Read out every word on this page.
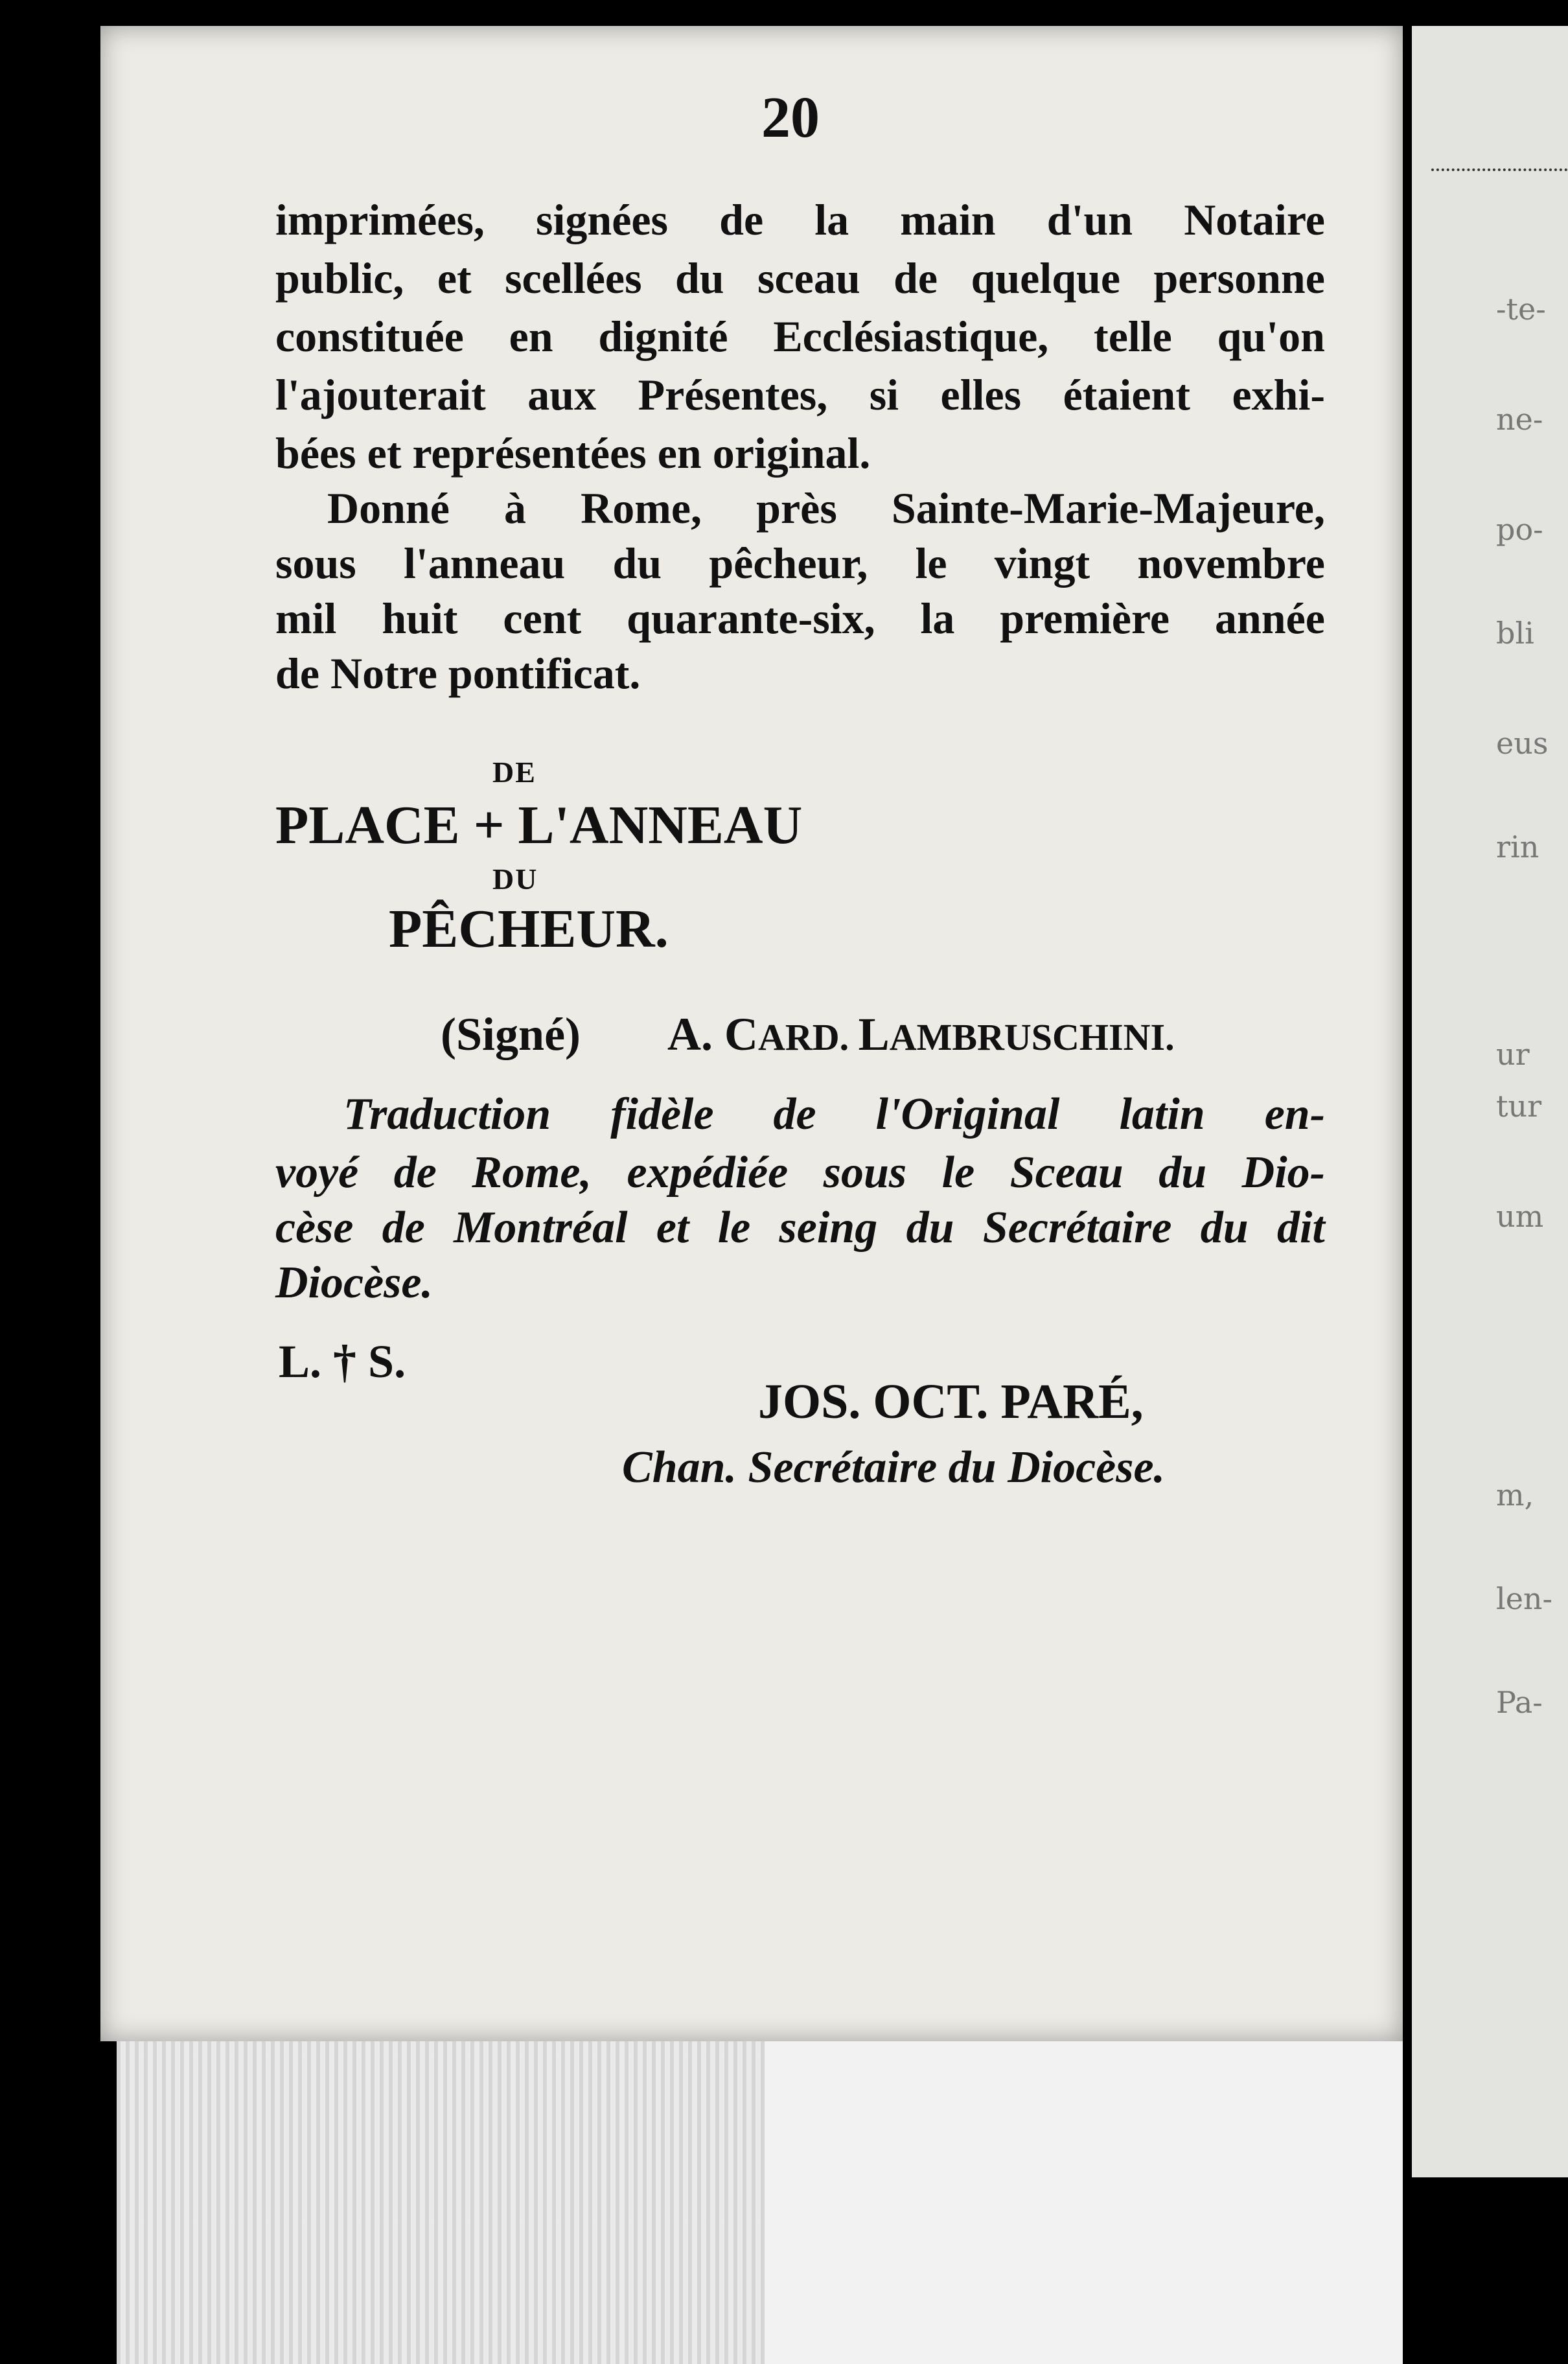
-te-
ne-
po-
bli
eus
rin
ur
tur
um
m,
len-
Pa-
20
imprimées, signées de la main d'un Notaire
public, et scellées du sceau de quelque personne
constituée en dignité Ecclésiastique, telle qu'on
l'ajouterait aux Présentes, si elles étaient exhi-
bées et représentées en original.
Donné à Rome, près Sainte-Marie-Majeure,
sous l'anneau du pêcheur, le vingt novembre
mil huit cent quarante-six, la première année
de Notre pontificat.
DE
PLACE + L'ANNEAU
DU
PÊCHEUR.
(Signé) A. CARD. LAMBRUSCHINI.
Traduction fidèle de l'Original latin en-
voyé de Rome, expédiée sous le Sceau du Dio-
cèse de Montréal et le seing du Secrétaire du dit
Diocèse.
L. † S.
JOS. OCT. PARÉ,
Chan. Secrétaire du Diocèse.
